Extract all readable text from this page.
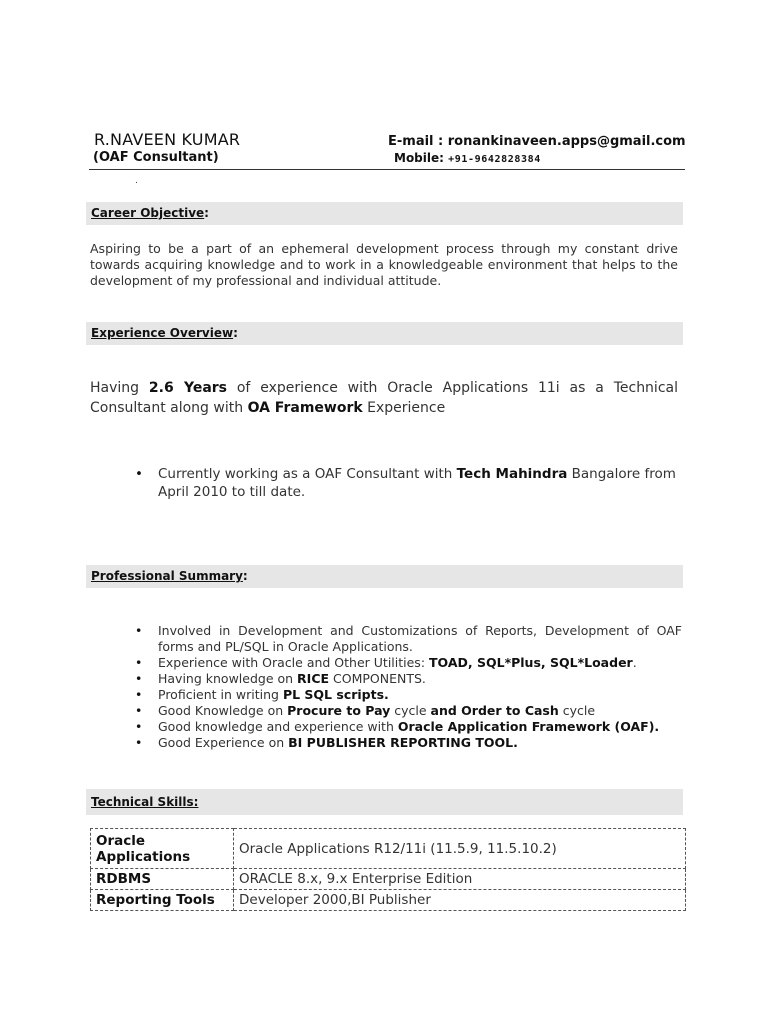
R.NAVEEN KUMAR
(OAF Consultant)
E-mail : ronankinaveen.apps@gmail.com
Mobile: +91-9642828384
.
Career Objective:
Aspiring to be a part of an ephemeral development process through my constant drive towards acquiring knowledge and to work in a knowledgeable environment that helps to the development of my professional and individual attitude.
Experience Overview:
Having 2.6 Years of experience with Oracle Applications 11i as a Technical Consultant along with OA Framework Experience
• Currently working as a OAF Consultant with Tech Mahindra Bangalore from April 2010 to till date.
Professional Summary:
• Involved in Development and Customizations of Reports, Development of OAF forms and PL/SQL in Oracle Applications.
• Experience with Oracle and Other Utilities: TOAD, SQL*Plus, SQL*Loader.
• Having knowledge on RICE COMPONENTS.
• Proficient in writing PL SQL scripts.
• Good Knowledge on Procure to Pay cycle and Order to Cash cycle
• Good knowledge and experience with Oracle Application Framework (OAF).
• Good Experience on BI PUBLISHER REPORTING TOOL.
Technical Skills:
Oracle Applications	Oracle Applications R12/11i (11.5.9, 11.5.10.2)
RDBMS	ORACLE 8.x, 9.x Enterprise Edition
Reporting Tools	Developer 2000,BI Publisher
